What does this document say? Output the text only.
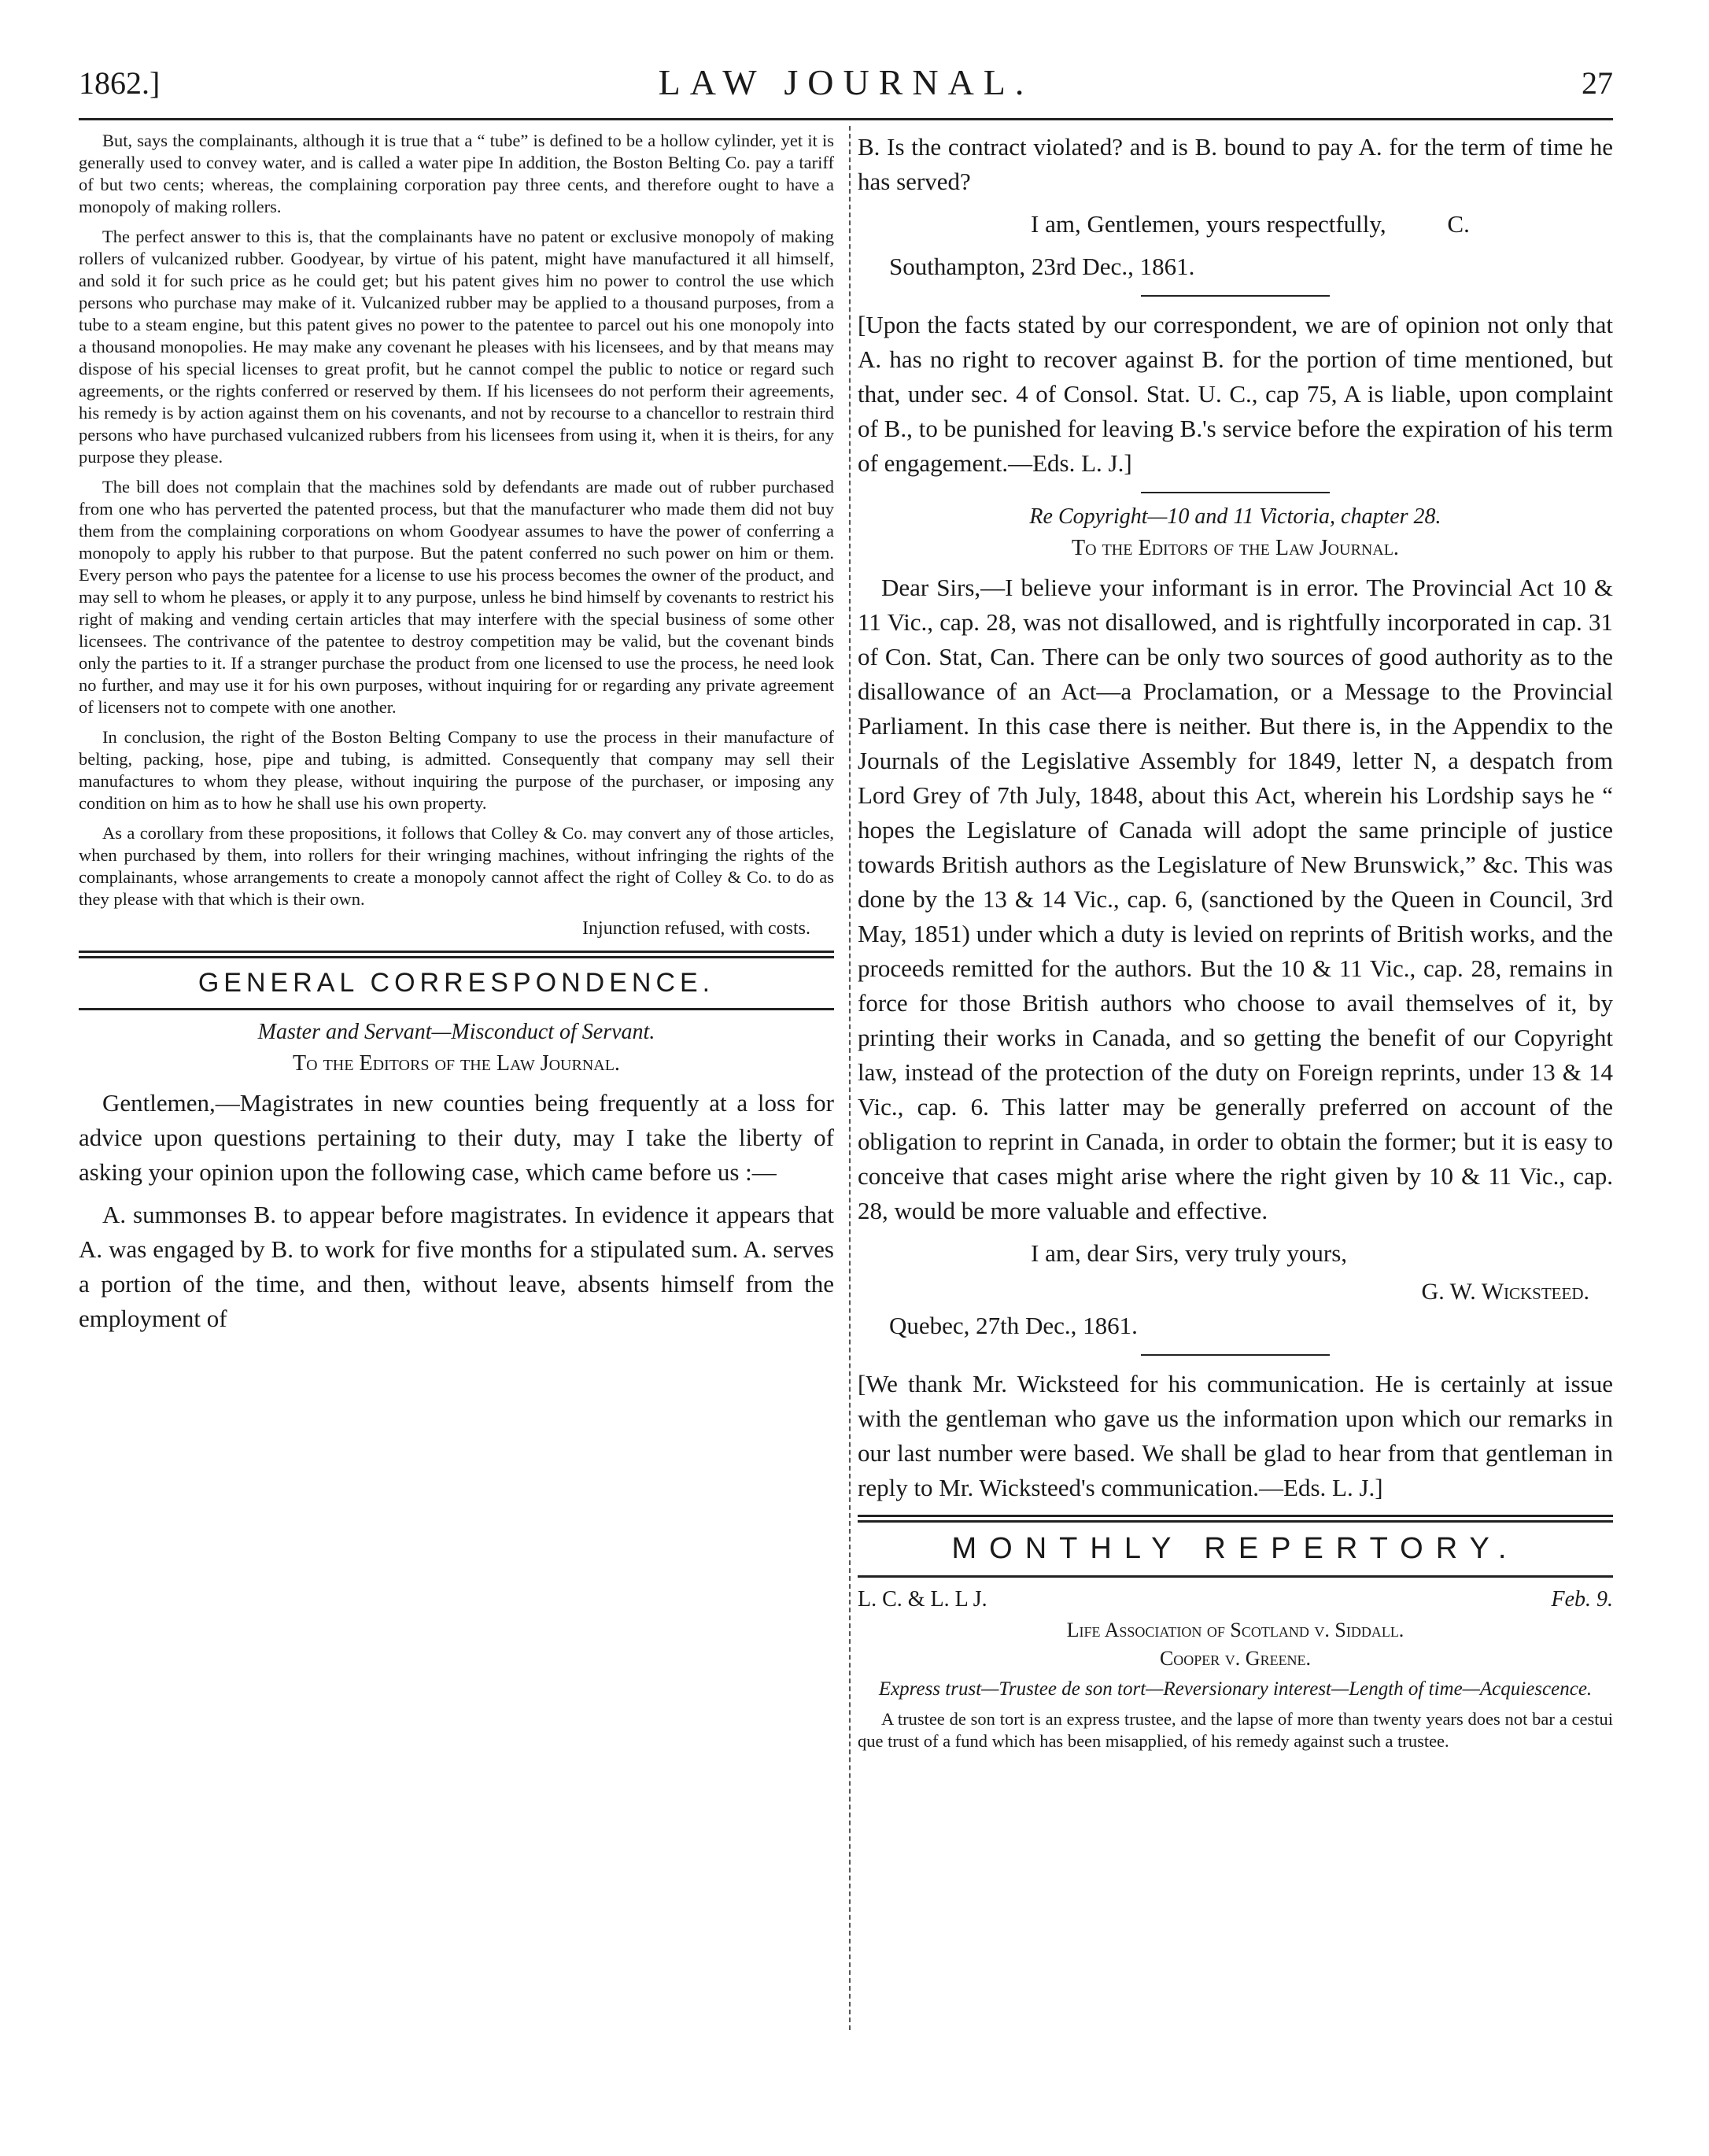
1862.]	LAW JOURNAL.	27

But, says the complainants, although it is true that a “ tube” is defined to be a hollow cylinder, yet it is generally used to convey water, and is called a water pipe In addition, the Boston Belting Co. pay a tariff of but two cents; whereas, the complaining corporation pay three cents, and therefore ought to have a monopoly of making rollers.

The perfect answer to this is, that the complainants have no patent or exclusive monopoly of making rollers of vulcanized rubber. Goodyear, by virtue of his patent, might have manufactured it all himself, and sold it for such price as he could get; but his patent gives him no power to control the use which persons who purchase may make of it. Vulcanized rubber may be applied to a thousand purposes, from a tube to a steam engine, but this patent gives no power to the patentee to parcel out his one monopoly into a thousand monopolies. He may make any covenant he pleases with his licensees, and by that means may dispose of his special licenses to great profit, but he cannot compel the public to notice or regard such agreements, or the rights conferred or reserved by them. If his licensees do not perform their agreements, his remedy is by action against them on his covenants, and not by recourse to a chancellor to restrain third persons who have purchased vulcanized rubbers from his licensees from using it, when it is theirs, for any purpose they please.

The bill does not complain that the machines sold by defendants are made out of rubber purchased from one who has perverted the patented process, but that the manufacturer who made them did not buy them from the complaining corporations on whom Goodyear assumes to have the power of conferring a monopoly to apply his rubber to that purpose. But the patent conferred no such power on him or them. Every person who pays the patentee for a license to use his process becomes the owner of the product, and may sell to whom he pleases, or apply it to any purpose, unless he bind himself by covenants to restrict his right of making and vending certain articles that may interfere with the special business of some other licensees. The contrivance of the patentee to destroy competition may be valid, but the covenant binds only the parties to it. If a stranger purchase the product from one licensed to use the process, he need look no further, and may use it for his own purposes, without inquiring for or regarding any private agreement of licensers not to compete with one another.

In conclusion, the right of the Boston Belting Company to use the process in their manufacture of belting, packing, hose, pipe and tubing, is admitted. Consequently that company may sell their manufactures to whom they please, without inquiring the purpose of the purchaser, or imposing any condition on him as to how he shall use his own property.

As a corollary from these propositions, it follows that Colley & Co. may convert any of those articles, when purchased by them, into rollers for their wringing machines, without infringing the rights of the complainants, whose arrangements to create a monopoly cannot affect the right of Colley & Co. to do as they please with that which is their own.

Injunction refused, with costs.
GENERAL CORRESPONDENCE.
Master and Servant—Misconduct of Servant.
To the Editors of the Law Journal.

Gentlemen,—Magistrates in new counties being frequently at a loss for advice upon questions pertaining to their duty, may I take the liberty of asking your opinion upon the following case, which came before us :—

A. summonses B. to appear before magistrates. In evidence it appears that A. was engaged by B. to work for five months for a stipulated sum. A. serves a portion of the time, and then, without leave, absents himself from the employment of

B. Is the contract violated? and is B. bound to pay A. for the term of time he has served?

I am, Gentlemen, yours respectfully,	C.

Southampton, 23rd Dec., 1861.

[Upon the facts stated by our correspondent, we are of opinion not only that A. has no right to recover against B. for the portion of time mentioned, but that, under sec. 4 of Consol. Stat. U. C., cap 75, A is liable, upon complaint of B., to be punished for leaving B.'s service before the expiration of his term of engagement.—Eds. L. J.]

Re Copyright—10 and 11 Victoria, chapter 28.
To the Editors of the Law Journal.

Dear Sirs,—I believe your informant is in error. The Provincial Act 10 & 11 Vic., cap. 28, was not disallowed, and is rightfully incorporated in cap. 31 of Con. Stat, Can. There can be only two sources of good authority as to the disallowance of an Act—a Proclamation, or a Message to the Provincial Parliament. In this case there is neither. But there is, in the Appendix to the Journals of the Legislative Assembly for 1849, letter N, a despatch from Lord Grey of 7th July, 1848, about this Act, wherein his Lordship says he “ hopes the Legislature of Canada will adopt the same principle of justice towards British authors as the Legislature of New Brunswick,” &c. This was done by the 13 & 14 Vic., cap. 6, (sanctioned by the Queen in Council, 3rd May, 1851) under which a duty is levied on reprints of British works, and the proceeds remitted for the authors. But the 10 & 11 Vic., cap. 28, remains in force for those British authors who choose to avail themselves of it, by printing their works in Canada, and so getting the benefit of our Copyright law, instead of the protection of the duty on Foreign reprints, under 13 & 14 Vic., cap. 6. This latter may be generally preferred on account of the obligation to reprint in Canada, in order to obtain the former; but it is easy to conceive that cases might arise where the right given by 10 & 11 Vic., cap. 28, would be more valuable and effective.

I am, dear Sirs, very truly yours,

G. W. Wicksteed.

Quebec, 27th Dec., 1861.

[We thank Mr. Wicksteed for his communication. He is certainly at issue with the gentleman who gave us the information upon which our remarks in our last number were based. We shall be glad to hear from that gentleman in reply to Mr. Wicksteed's communication.—Eds. L. J.]

MONTHLY REPERTORY.
L. C. & L. L J.	Feb. 9.
Life Association of Scotland v. Siddall.
Cooper v. Greene.
Express trust—Trustee de son tort—Reversionary interest—Length of time—Acquiescence.

A trustee de son tort is an express trustee, and the lapse of more than twenty years does not bar a cestui que trust of a fund which has been misapplied, of his remedy against such a trustee.
